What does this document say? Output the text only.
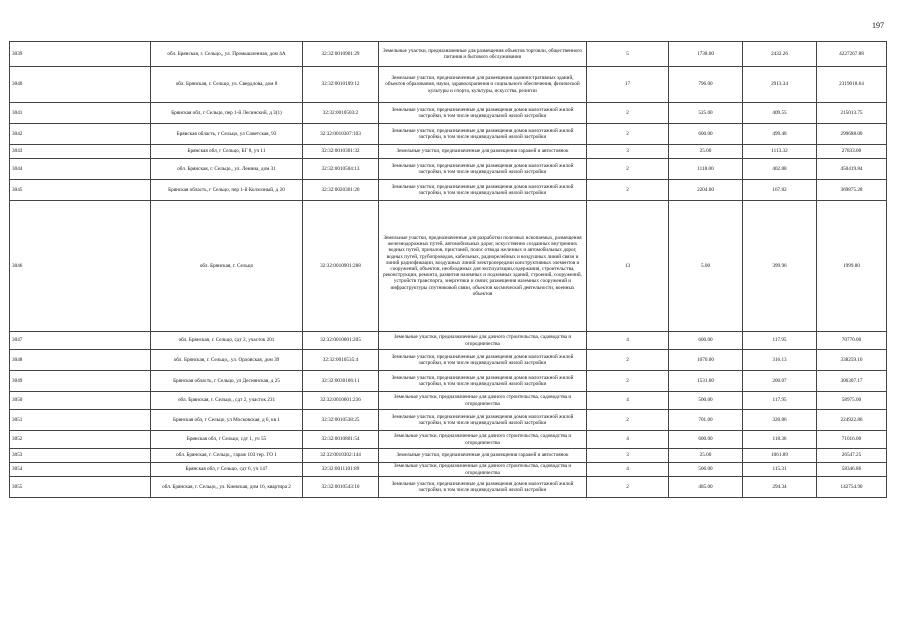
197
3039	обл. Брянская, г. Сельцо,, ул. Промышленная, дом 4А	32:32:0010901:29	Земельные участки, предназначенные для размещения объектов торговли, общественного питания и бытового обслуживания	5	1738.00	2432.26	4227267.88
3040	обл. Брянская, г. Сельцо, ул. Свердлова, дом 8	32:32:0010109:12	Земельные участки, предназначенные для размещения административных зданий, объектов образования, науки, здравоохранения и социального обеспечения, физической культуры и спорта, культуры, искусства, религии	17	796.00	2913.34	2319018.64
3041	Брянская обл, г Сельцо, пер 1-й Лесинский, д 3(1)	32:32:0010503:2	Земельные участки, предназначенные для размещения домов малоэтажной жилой застройки, в том числе индивидуальной жилой застройки	2	525.00	409.55	215013.75
3042	Брянская область, г Сельцо, ул Советская, 93	32:32:0010307:103	Земельные участки, предназначенные для размещения домов малоэтажной жилой застройки, в том числе индивидуальной жилой застройки	2	600.00	499.48	299688.00
3043	Брянская обл, г Сельцо, БГ 8, уч 11	32:32:0010301:32	Земельные участки, предназначенные для размещения гаражей и автостоянок	3	25.00	1113.32	27833.00
3044	обл. Брянская, г. Сельцо,, ул. Ленина, дом 31	32:32:0010504:13	Земельные участки, предназначенные для размещения домов малоэтажной жилой застройки, в том числе индивидуальной жилой застройки	2	1118.00	402.88	450419.84
3045	Брянская область, г Сельцо, пер 1-й Колхозный, д 20	32:32:0020301:20	Земельные участки, предназначенные для размещения домов малоэтажной жилой застройки, в том числе индивидуальной жилой застройки	2	2204.00	167.82	369875.28
3046	обл. Брянская, г. Сельцо	32:32:0010901:288	Земельные участки, предназначенные для разработки полезных ископаемых, размещения железнодорожных путей, автомобильных дорог, искусственно созданных внутренних водных путей, причалов, пристаней, полос отвода железных и автомобильных дорог, водных путей, трубопроводов, кабельных, радиорелейных и воздушных линий связи и линий радиофикации, воздушных линий электропередачи конструктивных элементов и сооружений, объектов, необходимых для эксплуатации,содержания, строительства, реконструкции, ремонта, развития наземных и подземных зданий, строений, сооружений, устройств транспорта, энергетики и связи; размещения наземных сооружений и инфраструктуры спутниковой связи, объектов космической деятельности, военных объектов	13	5.00	399.96	1999.80
3047	обл. Брянская, г. Сельцо, сдт 2, участок 201	32:32:0010601:205	Земельные участки, предназначенные для дачного строительства, садоводства и огородничества	4	600.00	117.95	70770.00
3048	обл. Брянская, г. Сельцо,, ул. Орловская, дом 39	32:32:0010535:4	Земельные участки, предназначенные для размещения домов малоэтажной жилой застройки, в том числе индивидуальной жилой застройки	2	1070.00	316.13	338259.10
3049	Брянская область, г Сельцо, ул Деснянская, д 25	32:32:0030106:11	Земельные участки, предназначенные для размещения домов малоэтажной жилой застройки, в том числе индивидуальной жилой застройки	2	1531.00	200.07	306307.17
3050	обл. Брянская, г. Сельцо,, сдт 2, участок 231	32:32:0010601:236	Земельные участки, предназначенные для дачного строительства, садоводства и огородничества	4	500.00	117.95	58975.00
3051	Брянская обл, г Сельцо, ул Московская, д 6, кв 1	32:32:0010538:25	Земельные участки, предназначенные для размещения домов малоэтажной жилой застройки, в том числе индивидуальной жилой застройки	2	701.00	320.86	224922.86
3052	Брянская обл, г Сельцо, сдт 1, уч 55	32:32:0010801:54	Земельные участки, предназначенные для дачного строительства, садоводства и огородничества	4	600.00	118.36	71016.00
3053	обл. Брянская, г. Сельцо,, гараж 103 тер. ГО 1	32:32:0010302:144	Земельные участки, предназначенные для размещения гаражей и автостоянок	3	25.00	1061.89	26547.25
3054	Брянская обл, г Сельцо, сдт 6, уч 147	32:32:0011101:89	Земельные участки, предназначенные для дачного строительства, садоводства и огородничества	4	506.00	115.31	58346.86
3055	обл. Брянская, г. Сельцо,, ул. Киевская, дом 16, квартира 2	32:32:0010543:10	Земельные участки, предназначенные для размещения домов малоэтажной жилой застройки, в том числе индивидуальной жилой застройки	2	485.00	294.34	142754.90
